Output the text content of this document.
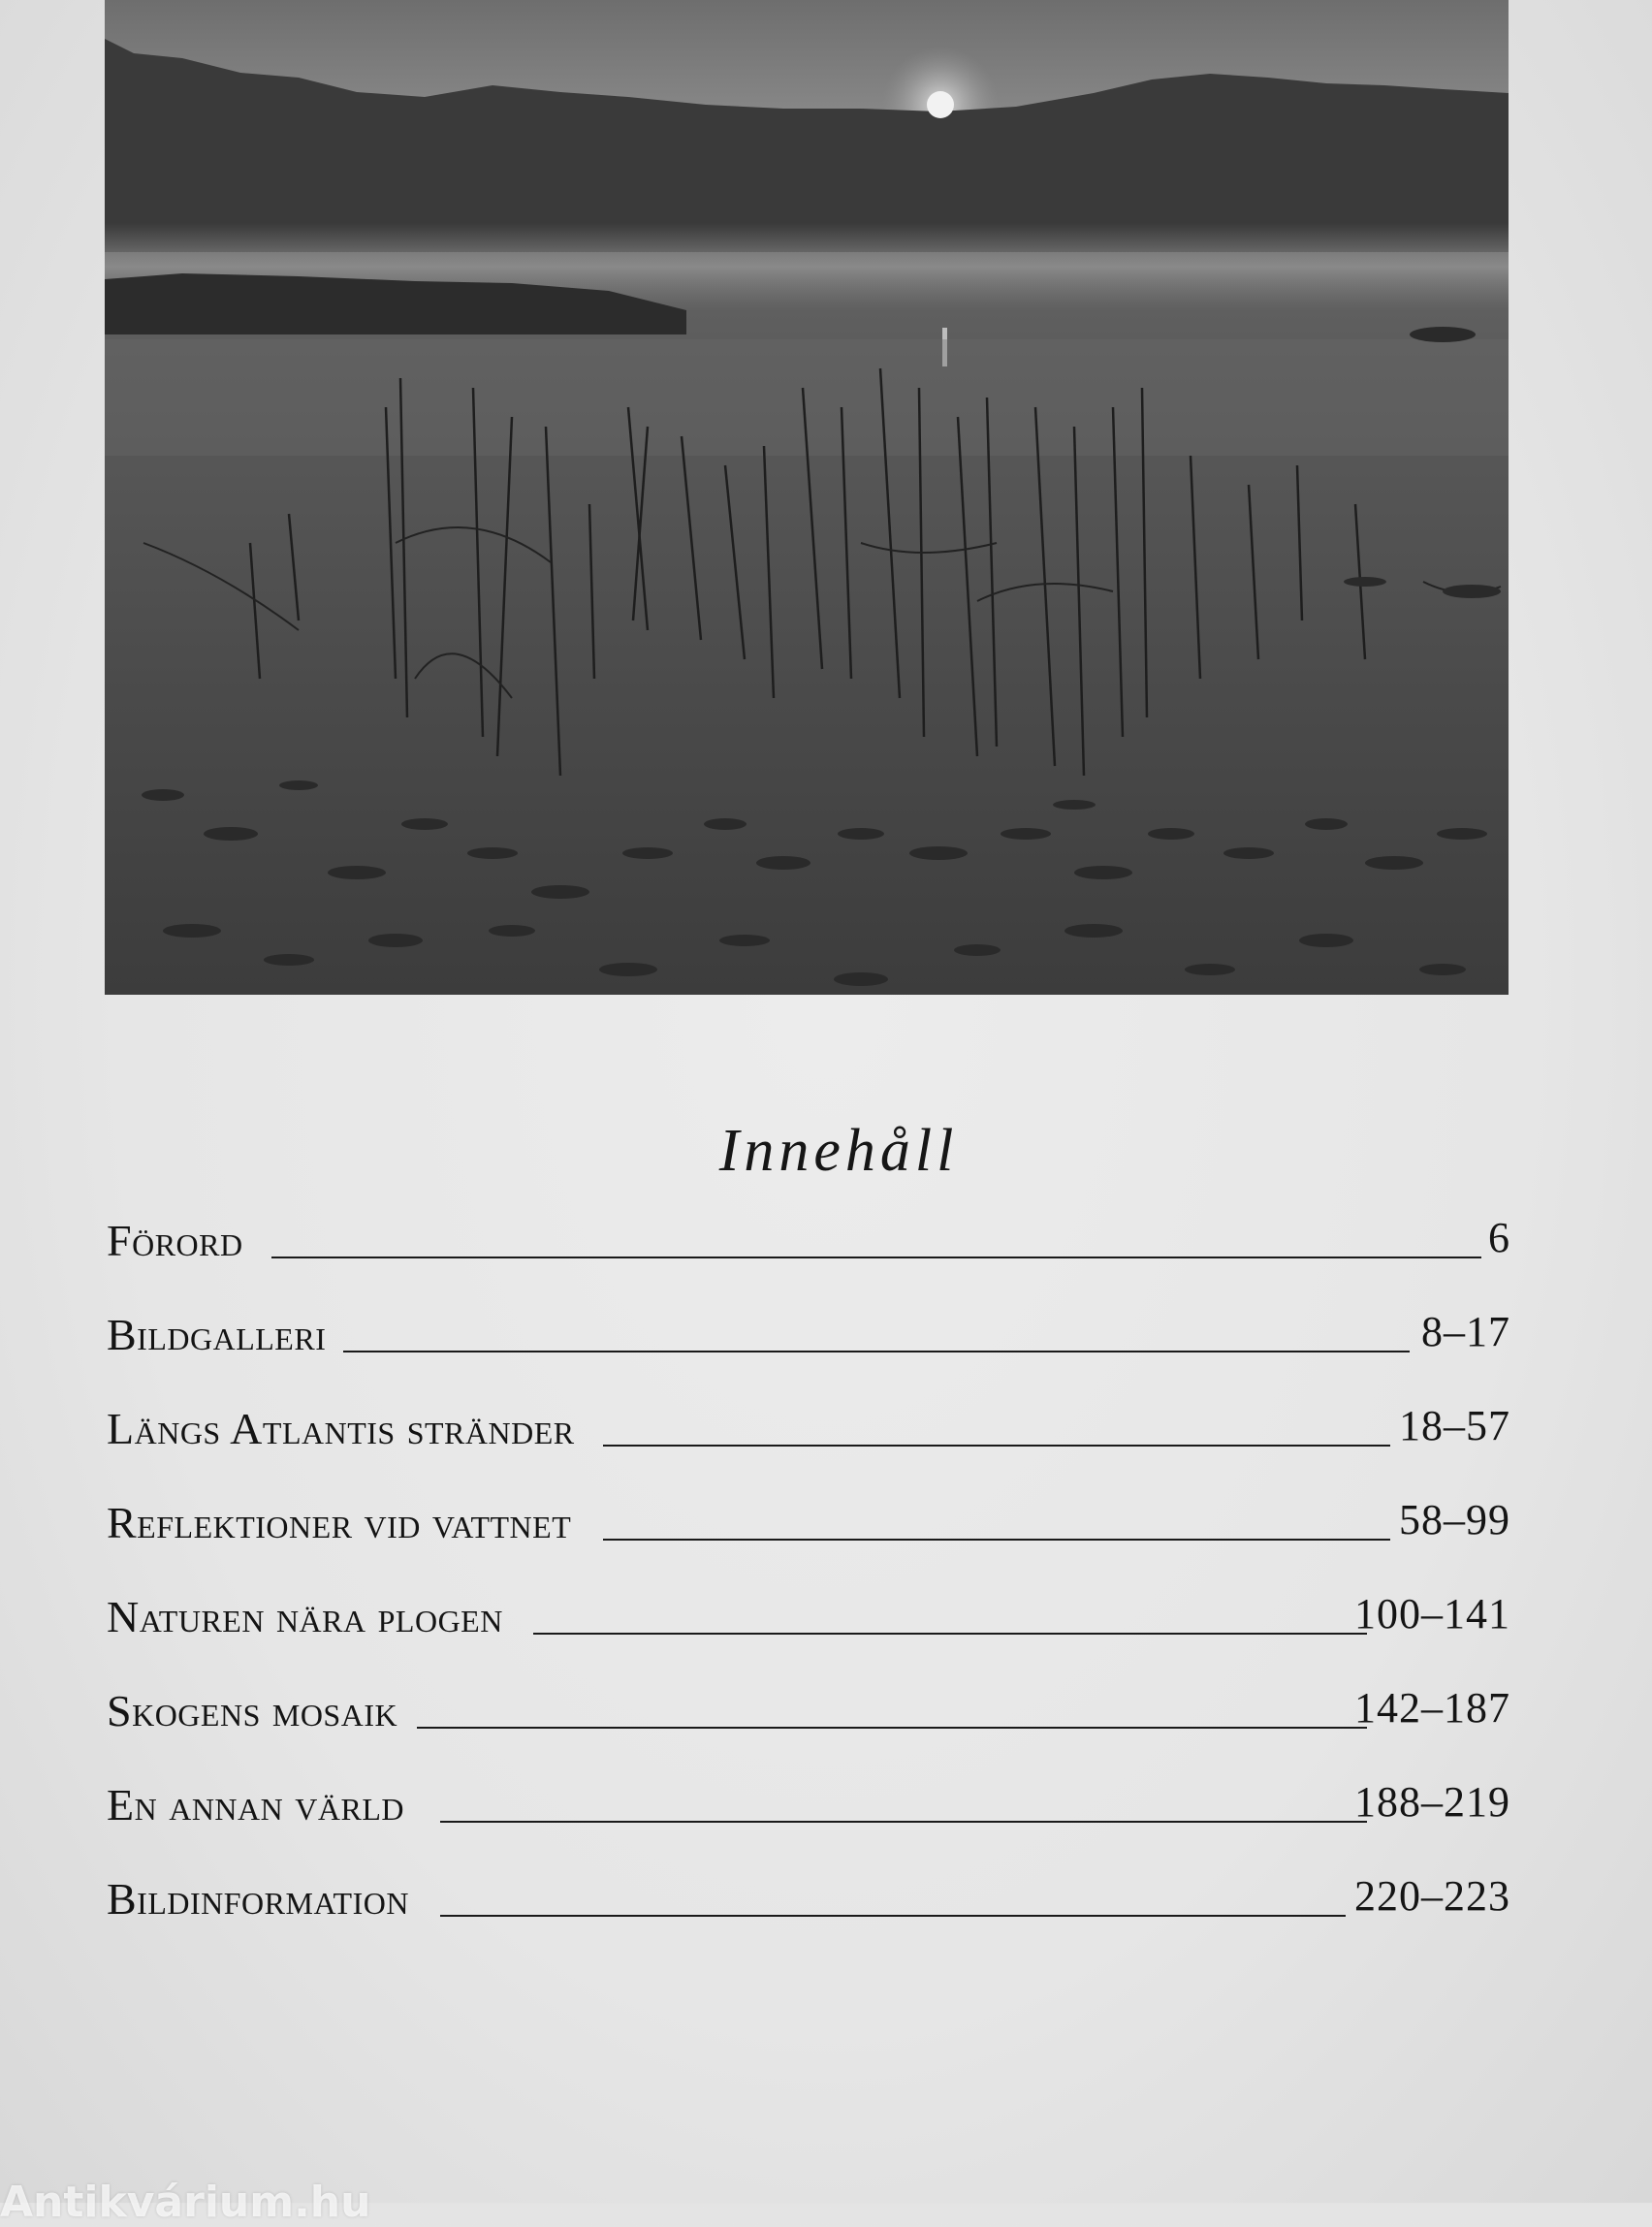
Innehåll
Förord	6
Bildgalleri	8–17
Längs Atlantis stränder	18–57
Reflektioner vid vattnet	58–99
Naturen nära plogen	100–141
Skogens mosaik	142–187
En annan värld	188–219
Bildinformation	220–223
Antikvárium.hu
